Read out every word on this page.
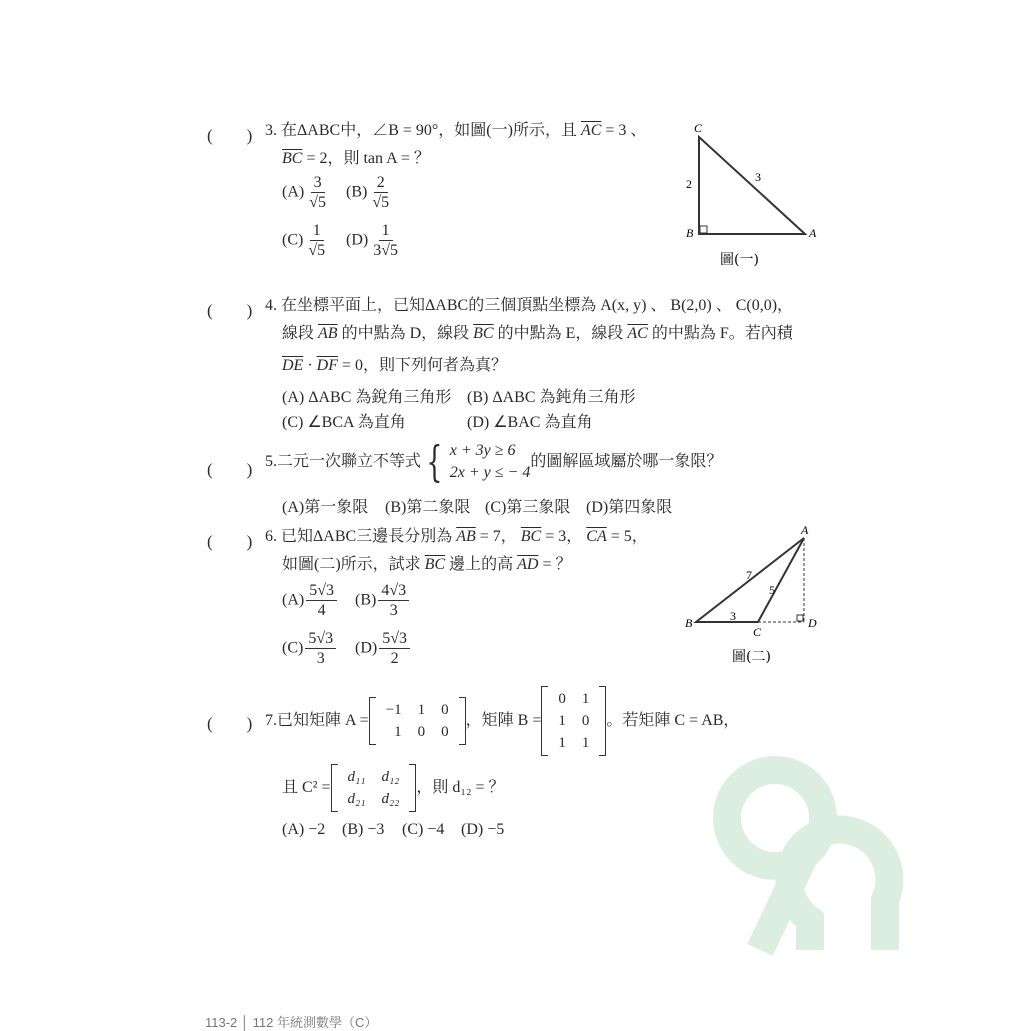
(　　) 3. 在ΔABC中，∠B = 90°，如圖(一)所示，且 $\overline{AC} = 3$ 、
$\overline{BC} = 2$，則 tan A = ？
$(A) \frac{3}{√5} (B) \frac{2}{√5}$
$(C) \frac{1}{√5} (D) \frac{1}{3√5}$
C
B	A
2	3
圖(一)
(　　) 4. 在坐標平面上，已知ΔABC的三個頂點坐標為 A(x, y) 、 B(2,0) 、 C(0,0)，
線段 $\overline{AB}$ 的中點為 D，線段 $\overline{BC}$ 的中點為 E，線段 $\overline{AC}$ 的中點為 F。若內積
$\overline{DE} \cdot \overline{DF} = 0$，則下列何者為真？
(A) ΔABC 為銳角三角形 (B) ΔABC 為鈍角三角形
(C) ∠BCA 為直角	(D) ∠BAC 為直角
(　　) 5. 二元一次聯立不等式 { x + 3y ≥ 6
2x + y ≤ − 4
的圖解區域屬於哪一象限？
(A)第一象限 (B)第二象限 (C)第三象限 (D)第四象限
(　　) 6. 已知ΔABC三邊長分別為 $\overline{AB} = 7$， $\overline{BC} = 3$， $\overline{CA} = 5$，
如圖(二)所示，試求 $\overline{BC}$ 邊上的高 $\overline{AD}$ = ？
$(A) \frac{5√3}{4} (B) \frac{4√3}{3}$
$(C) \frac{5√3}{3} (D) \frac{5√3}{2}$
A
B
C
D
7
5
3
圖(二)
(　　) 7. 已知矩陣 A =
−1	1	0
1	0	0
，矩陣 B =
0	1
1	0
1	1
。若矩陣 C = AB，
且 C² =
d₁₁	d₁₂
d₂₁	d₂₂
，則 d₁₂ = ？
(A) −2 (B) −3 (C) −4 (D) −5
113-2 │ 112 年統測數學（C）
